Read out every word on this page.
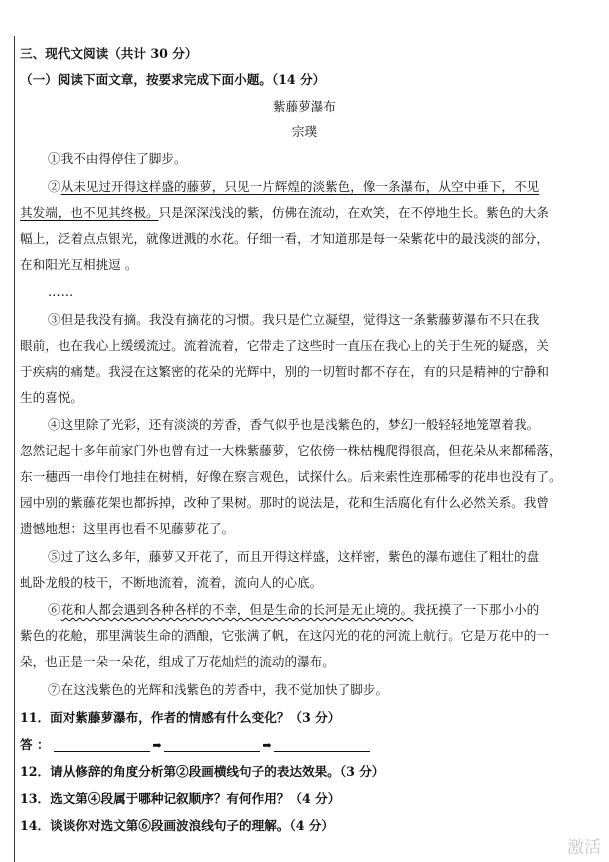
三、现代文阅读（共计 30 分）
（一）阅读下面文章，按要求完成下面小题。（14 分）
紫藤萝瀑布
宗璞
①我不由得停住了脚步。
②从未见过开得这样盛的藤萝，只见一片辉煌的淡紫色，像一条瀑布，从空中垂下，不见
其发端，也不见其终极。只是深深浅浅的紫，仿佛在流动，在欢笑，在不停地生长。紫色的大条
幅上，泛着点点银光，就像迸溅的水花。仔细一看，才知道那是每一朵紫花中的最浅淡的部分，
在和阳光互相挑逗 。
……
③但是我没有摘。我没有摘花的习惯。我只是伫立凝望，觉得这一条紫藤萝瀑布不只在我
眼前，也在我心上缓缓流过。流着流着，它带走了这些时一直压在我心上的关于生死的疑惑，关
于疾病的痛楚。我浸在这繁密的花朵的光辉中，别的一切暂时都不存在，有的只是精神的宁静和
生的喜悦。
④这里除了光彩，还有淡淡的芳香，香气似乎也是浅紫色的，梦幻一般轻轻地笼罩着我。
忽然记起十多年前家门外也曾有过一大株紫藤萝，它依傍一株枯槐爬得很高，但花朵从来都稀落，
东一穗西一串伶仃地挂在树梢，好像在察言观色，试探什么。后来索性连那稀零的花串也没有了。
园中别的紫藤花架也都拆掉，改种了果树。那时的说法是，花和生活腐化有什么必然关系。我曾
遗憾地想：这里再也看不见藤萝花了。
⑤过了这么多年，藤萝又开花了，而且开得这样盛，这样密，紫色的瀑布遮住了粗壮的盘
虬卧龙般的枝干，不断地流着，流着，流向人的心底。
⑥花和人都会遇到各种各样的不幸，但是生命的长河是无止境的。我抚摸了一下那小小的
紫色的花舱，那里满装生命的酒酿，它张满了帆，在这闪光的花的河流上航行。它是万花中的一
朵，也正是一朵一朵花，组成了万花灿烂的流动的瀑布。
⑦在这浅紫色的光辉和浅紫色的芳香中，我不觉加快了脚步。
11．面对紫藤萝瀑布，作者的情感有什么变化？（3 分）
答 ：	➡	➡
12．请从修辞的角度分析第②段画横线句子的表达效果。（3 分）
13．选文第④段属于哪种记叙顺序？有何作用？（4 分）
14．谈谈你对选文第⑥段画波浪线句子的理解。（4 分）
激活
